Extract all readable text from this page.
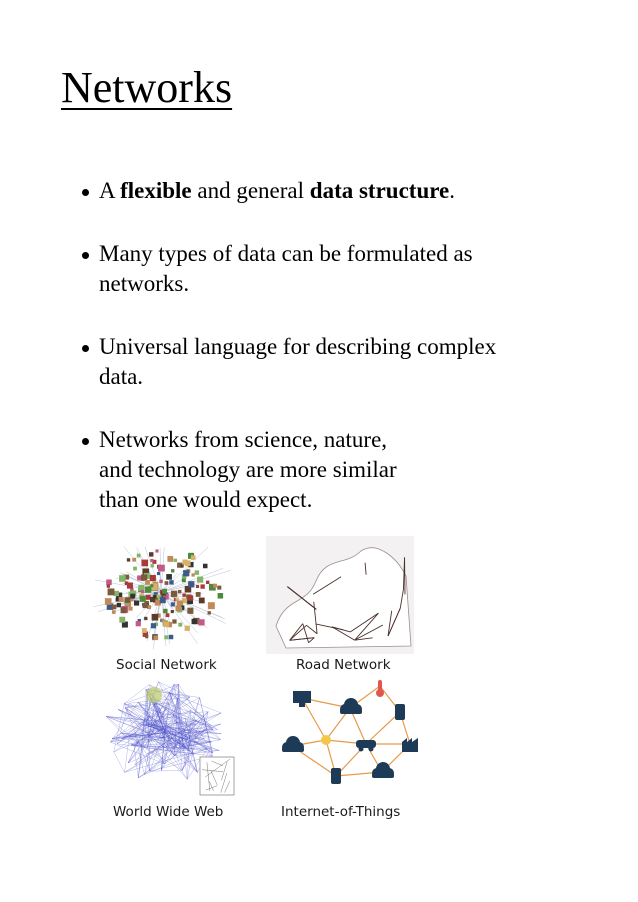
Networks
A flexible and general data structure.
Many types of data can be formulated as
networks.
Universal language for describing complex
data.
Networks from science, nature,
and technology are more similar
than one would expect.
Social Network	Road Network
World Wide Web	Internet-of-Things
